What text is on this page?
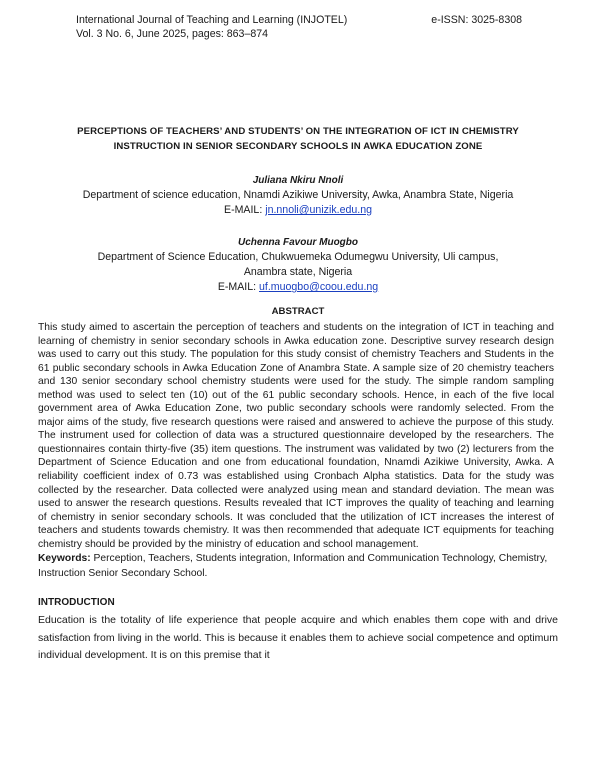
International Journal of Teaching and Learning (INJOTEL)
Vol. 3 No. 6, June 2025, pages: 863–874
e-ISSN: 3025-8308
PERCEPTIONS OF TEACHERS’ AND STUDENTS’ ON THE INTEGRATION OF ICT IN CHEMISTRY
INSTRUCTION IN SENIOR SECONDARY SCHOOLS IN AWKA EDUCATION ZONE
Juliana Nkiru Nnoli
Department of science education, Nnamdi Azikiwe University, Awka, Anambra State, Nigeria
E-MAIL: jn.nnoli@unizik.edu.ng
Uchenna Favour Muogbo
Department of Science Education, Chukwuemeka Odumegwu University, Uli campus,
Anambra state, Nigeria
E-MAIL: uf.muogbo@coou.edu.ng
ABSTRACT
This study aimed to ascertain the perception of teachers and students on the integration of ICT in teaching and learning of chemistry in senior secondary schools in Awka education zone. Descriptive survey research design was used to carry out this study. The population for this study consist of chemistry Teachers and Students in the 61 public secondary schools in Awka Education Zone of Anambra State. A sample size of 20 chemistry teachers and 130 senior secondary school chemistry students were used for the study. The simple random sampling method was used to select ten (10) out of the 61 public secondary schools. Hence, in each of the five local government area of Awka Education Zone, two public secondary schools were randomly selected. From the major aims of the study, five research questions were raised and answered to achieve the purpose of this study. The instrument used for collection of data was a structured questionnaire developed by the researchers. The questionnaires contain thirty-five (35) item questions. The instrument was validated by two (2) lecturers from the Department of Science Education and one from educational foundation, Nnamdi Azikiwe University, Awka. A reliability coefficient index of 0.73 was established using Cronbach Alpha statistics. Data for the study was collected by the researcher. Data collected were analyzed using mean and standard deviation. The mean was used to answer the research questions. Results revealed that ICT improves the quality of teaching and learning of chemistry in senior secondary schools. It was concluded that the utilization of ICT increases the interest of teachers and students towards chemistry. It was then recommended that adequate ICT equipments for teaching chemistry should be provided by the ministry of education and school management.
Keywords: Perception, Teachers, Students integration, Information and Communication Technology, Chemistry, Instruction Senior Secondary School.
INTRODUCTION
Education is the totality of life experience that people acquire and which enables them cope with and drive satisfaction from living in the world. This is because it enables them to achieve social competence and optimum individual development. It is on this premise that it
